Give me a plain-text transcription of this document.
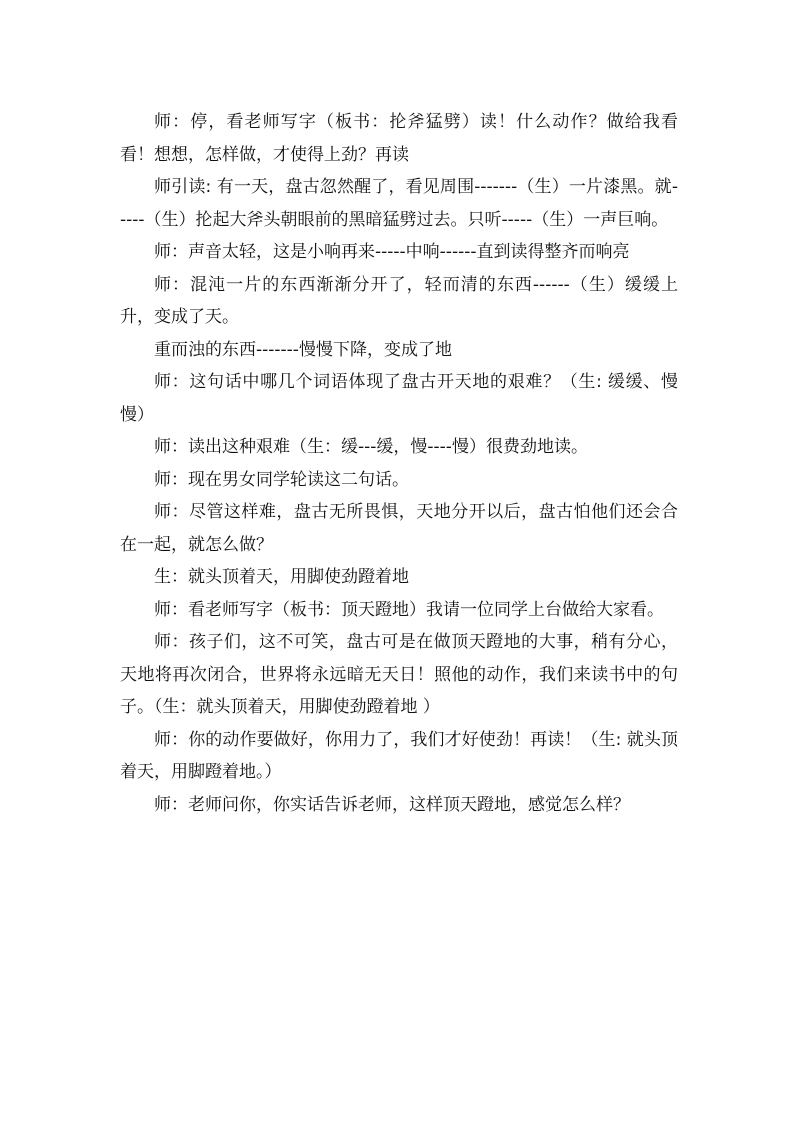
师：停，看老师写字（板书：抡斧猛劈）读！什么动作？做给我看看！想想，怎样做，才使得上劲？再读

师引读: 有一天，盘古忽然醒了，看见周围-------（生）一片漆黑。就-----（生）抡起大斧头朝眼前的黑暗猛劈过去。只听-----（生）一声巨响。

师：声音太轻，这是小响再来-----中响------直到读得整齐而响亮

师：混沌一片的东西渐渐分开了，轻而清的东西------（生）缓缓上升，变成了天。

重而浊的东西-------慢慢下降，变成了地

师：这句话中哪几个词语体现了盘古开天地的艰难？（生: 缓缓、慢慢）

师：读出这种艰难（生：缓---缓，慢----慢）很费劲地读。

师：现在男女同学轮读这二句话。

师：尽管这样难，盘古无所畏惧，天地分开以后，盘古怕他们还会合在一起，就怎么做？

生：就头顶着天，用脚使劲蹬着地

师：看老师写字（板书：顶天蹬地）我请一位同学上台做给大家看。

师：孩子们，这不可笑，盘古可是在做顶天蹬地的大事，稍有分心，天地将再次闭合，世界将永远暗无天日！照他的动作，我们来读书中的句子。（生：就头顶着天，用脚使劲蹬着地 ）

师：你的动作要做好，你用力了，我们才好使劲！再读！（生: 就头顶着天，用脚蹬着地。）

师：老师问你，你实话告诉老师，这样顶天蹬地，感觉怎么样？
